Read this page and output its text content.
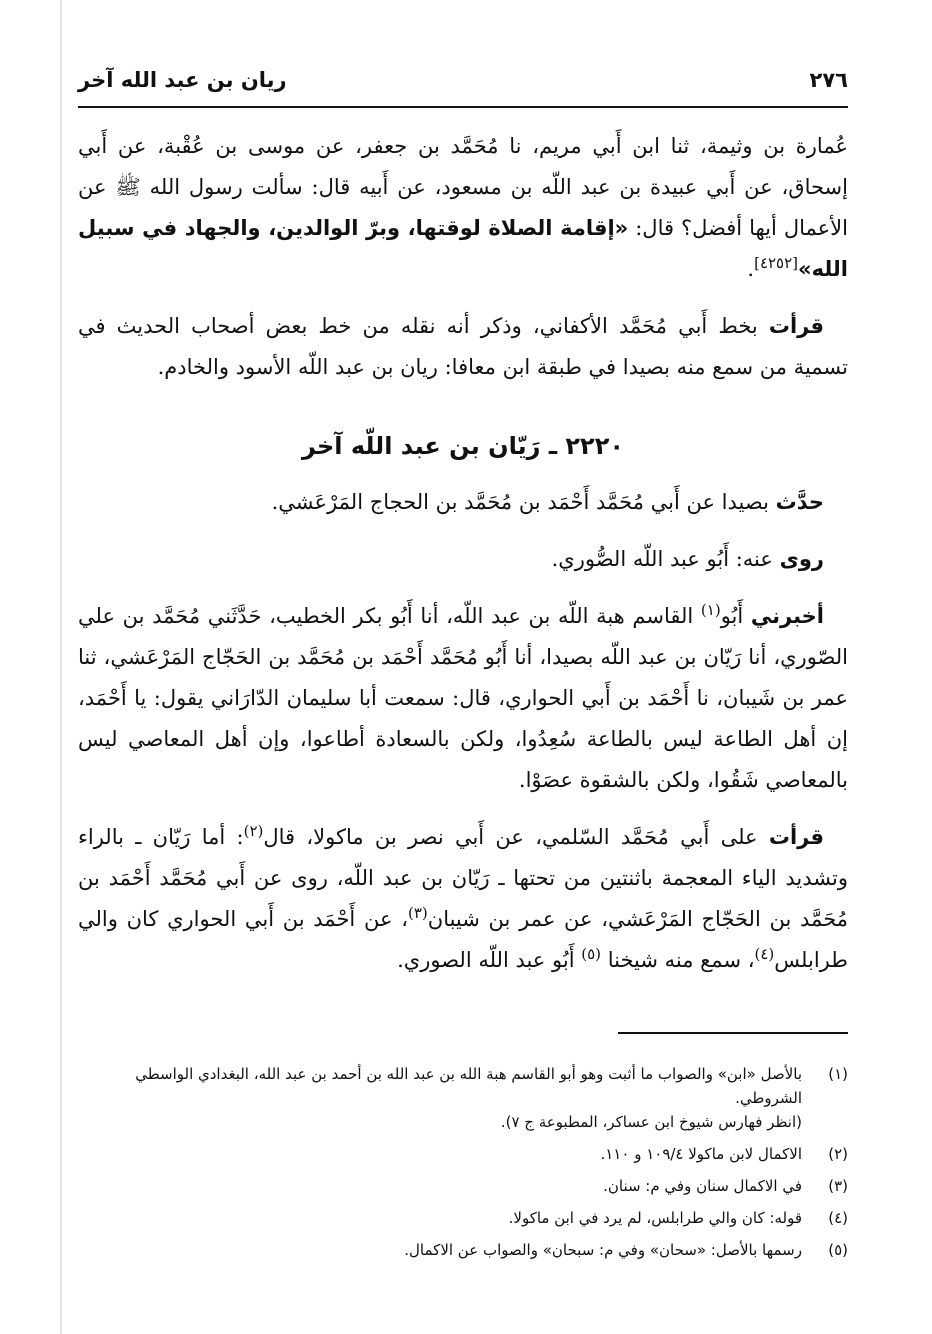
٢٧٦
ريان بن عبد الله آخر

عُمارة بن وثيمة، ثنا ابن أَبي مريم، نا مُحَمَّد بن جعفر، عن موسى بن عُقْبة، عن أَبي إسحاق، عن أَبي عبيدة بن عبد اللّه بن مسعود، عن أَبيه قال: سألت رسول الله ﷺ عن الأعمال أيها أفضل؟ قال: «إقامة الصلاة لوقتها، وبرّ الوالدين، والجهاد في سبيل الله»[٤٢٥٢].

قرأت بخط أَبي مُحَمَّد الأكفاني، وذكر أنه نقله من خط بعض أصحاب الحديث في تسمية من سمع منه بصيدا في طبقة ابن معافا: ريان بن عبد اللّه الأسود والخادم.

٢٢٢٠ ـ رَيّان بن عبد اللّه آخر

حدَّث بصيدا عن أَبي مُحَمَّد أَحْمَد بن مُحَمَّد بن الحجاج المَرْعَشي.

روى عنه: أَبُو عبد اللّه الصُّوري.

أخبرني أَبُو$^{(١)}$ القاسم هبة اللّه بن عبد اللّه، أنا أَبُو بكر الخطيب، حَدَّثَني مُحَمَّد بن علي الصّوري، أنا رَيّان بن عبد اللّه بصيدا، أنا أَبُو مُحَمَّد أَحْمَد بن مُحَمَّد بن الحَجّاج المَرْعَشي، ثنا عمر بن شَيبان، نا أَحْمَد بن أَبي الحواري، قال: سمعت أبا سليمان الدّارَاني يقول: يا أَحْمَد، إن أهل الطاعة ليس بالطاعة سُعِدُوا، ولكن بالسعادة أطاعوا، وإن أهل المعاصي ليس بالمعاصي شَقُوا، ولكن بالشقوة عصَوْا.

قرأت على أَبي مُحَمَّد السّلمي، عن أَبي نصر بن ماكولا، قال$^{(٢)}$: أما رَيّان ـ بالراء وتشديد الياء المعجمة باثنتين من تحتها ـ رَيّان بن عبد اللّه، روى عن أَبي مُحَمَّد أَحْمَد بن مُحَمَّد بن الحَجّاج المَرْعَشي، عن عمر بن شيبان$^{(٣)}$، عن أَحْمَد بن أَبي الحواري كان والي طرابلس$^{(٤)}$، سمع منه شيخنا $^{(٥)}$ أَبُو عبد اللّه الصوري.

(١)
بالأصل «ابن» والصواب ما أثبت وهو أبو القاسم هبة الله بن عبد الله بن أحمد بن عبد الله، البغدادي الواسطي الشروطي.
(انظر فهارس شيوخ ابن عساكر، المطبوعة ج ٧).
(٢)
الاكمال لابن ماكولا ١٠٩/٤ و ١١٠.
(٣)
في الاكمال سنان وفي م: سنان.
(٤)
قوله: كان والي طرابلس، لم يرد في ابن ماكولا.
(٥)
رسمها بالأصل: «سحان» وفي م: سبحان» والصواب عن الاكمال.
